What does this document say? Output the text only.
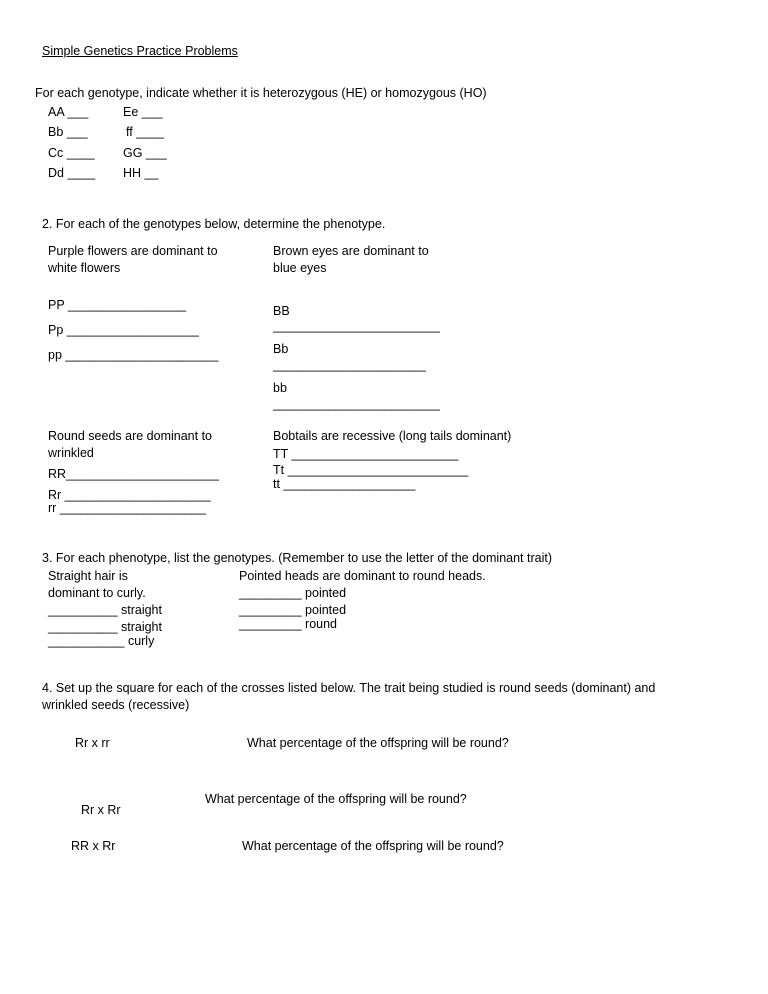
Simple Genetics Practice Problems
For each genotype, indicate whether it is heterozygous (HE) or homozygous (HO)
AA ___
Bb ___
Cc ____
Dd ____
Ee ___
ff ____
GG ___
HH __
2. For each of the genotypes below, determine the phenotype.
Purple flowers are dominant to
white flowers
PP _________________
Pp ___________________
pp ______________________
Brown eyes are dominant to
blue eyes
BB
________________________
Bb
______________________
bb
________________________
Round seeds are dominant to
wrinkled
RR______________________
Rr _____________________
rr _____________________
Bobtails are recessive (long tails dominant)
TT ________________________
Tt __________________________
tt ___________________
3. For each phenotype, list the genotypes. (Remember to use the letter of the dominant trait)
Straight hair is
dominant to curly.
__________ straight
__________ straight
___________ curly
Pointed heads are dominant to round heads.
_________ pointed
_________ pointed
_________ round
4. Set up the square for each of the crosses listed below. The trait being studied is round seeds (dominant) and
wrinkled seeds (recessive)
Rr x rr	What percentage of the offspring will be round?
What percentage of the offspring will be round?
Rr x Rr
RR x Rr	What percentage of the offspring will be round?
